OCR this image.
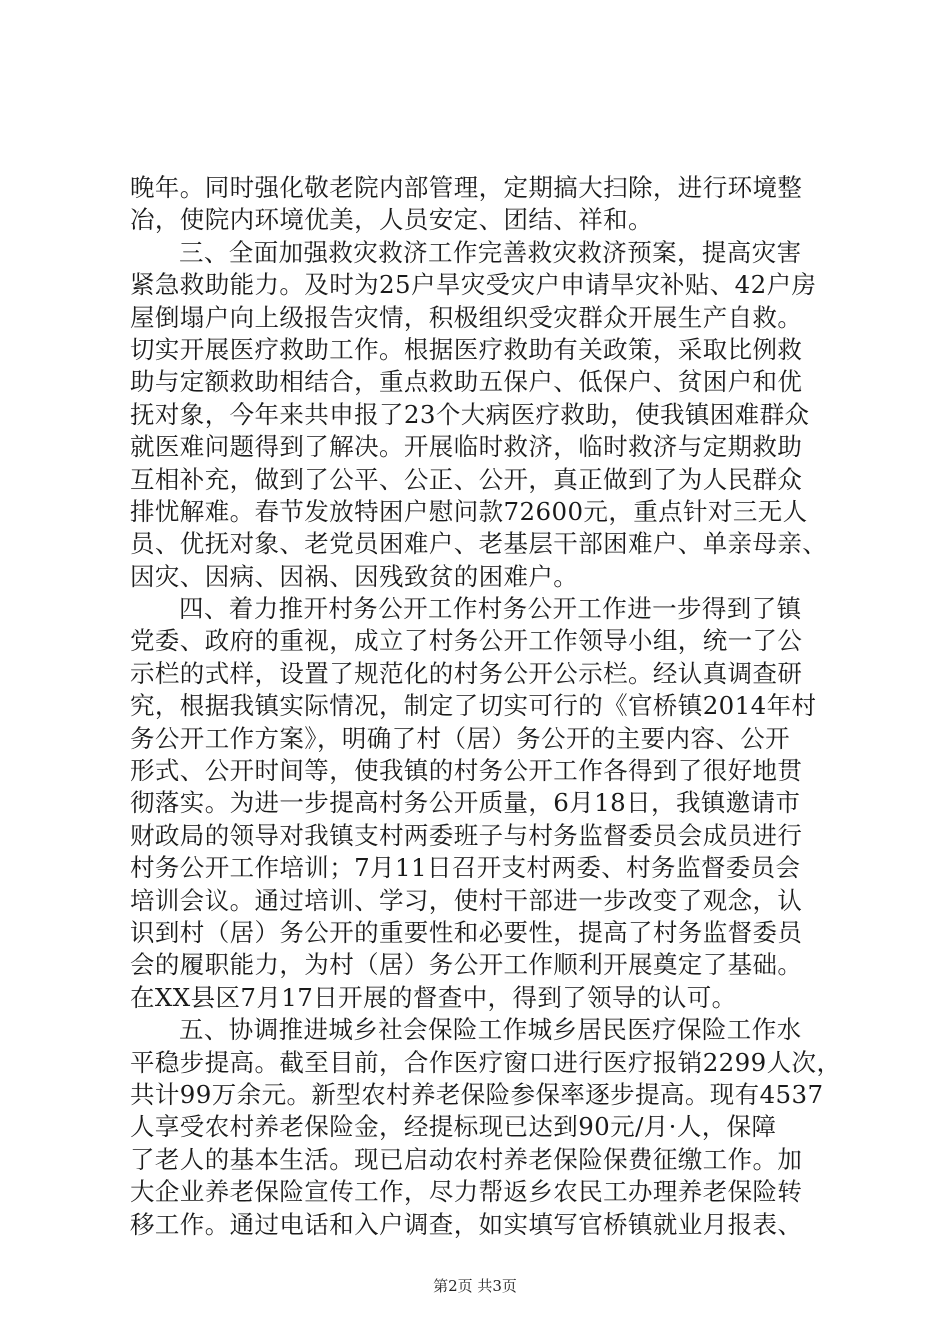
晚年。同时强化敬老院内部管理，定期搞大扫除，进行环境整
冶，使院内环境优美，人员安定、团结、祥和。
三、全面加强救灾救济工作完善救灾救济预案，提高灾害
紧急救助能力。及时为25户旱灾受灾户申请旱灾补贴、42户房
屋倒塌户向上级报告灾情，积极组织受灾群众开展生产自救。
切实开展医疗救助工作。根据医疗救助有关政策，采取比例救
助与定额救助相结合，重点救助五保户、低保户、贫困户和优
抚对象，今年来共申报了23个大病医疗救助，使我镇困难群众
就医难问题得到了解决。开展临时救济，临时救济与定期救助
互相补充，做到了公平、公正、公开，真正做到了为人民群众
排忧解难。春节发放特困户慰问款72600元，重点针对三无人
员、优抚对象、老党员困难户、老基层干部困难户、单亲母亲、
因灾、因病、因祸、因残致贫的困难户。
四、着力推开村务公开工作村务公开工作进一步得到了镇
党委、政府的重视，成立了村务公开工作领导小组，统一了公
示栏的式样，设置了规范化的村务公开公示栏。经认真调查研
究，根据我镇实际情况，制定了切实可行的《官桥镇2014年村
务公开工作方案》，明确了村（居）务公开的主要内容、公开
形式、公开时间等，使我镇的村务公开工作各得到了很好地贯
彻落实。为进一步提高村务公开质量，6月18日，我镇邀请市
财政局的领导对我镇支村两委班子与村务监督委员会成员进行
村务公开工作培训；7月11日召开支村两委、村务监督委员会
培训会议。通过培训、学习，使村干部进一步改变了观念，认
识到村（居）务公开的重要性和必要性，提高了村务监督委员
会的履职能力，为村（居）务公开工作顺利开展奠定了基础。
在XX县区7月17日开展的督查中，得到了领导的认可。
五、协调推进城乡社会保险工作城乡居民医疗保险工作水
平稳步提高。截至目前，合作医疗窗口进行医疗报销2299人次，
共计99万余元。新型农村养老保险参保率逐步提高。现有4537
人享受农村养老保险金，经提标现已达到90元/月·人，保障
了老人的基本生活。现已启动农村养老保险保费征缴工作。加
大企业养老保险宣传工作，尽力帮返乡农民工办理养老保险转
移工作。通过电话和入户调查，如实填写官桥镇就业月报表、
第2页 共3页
